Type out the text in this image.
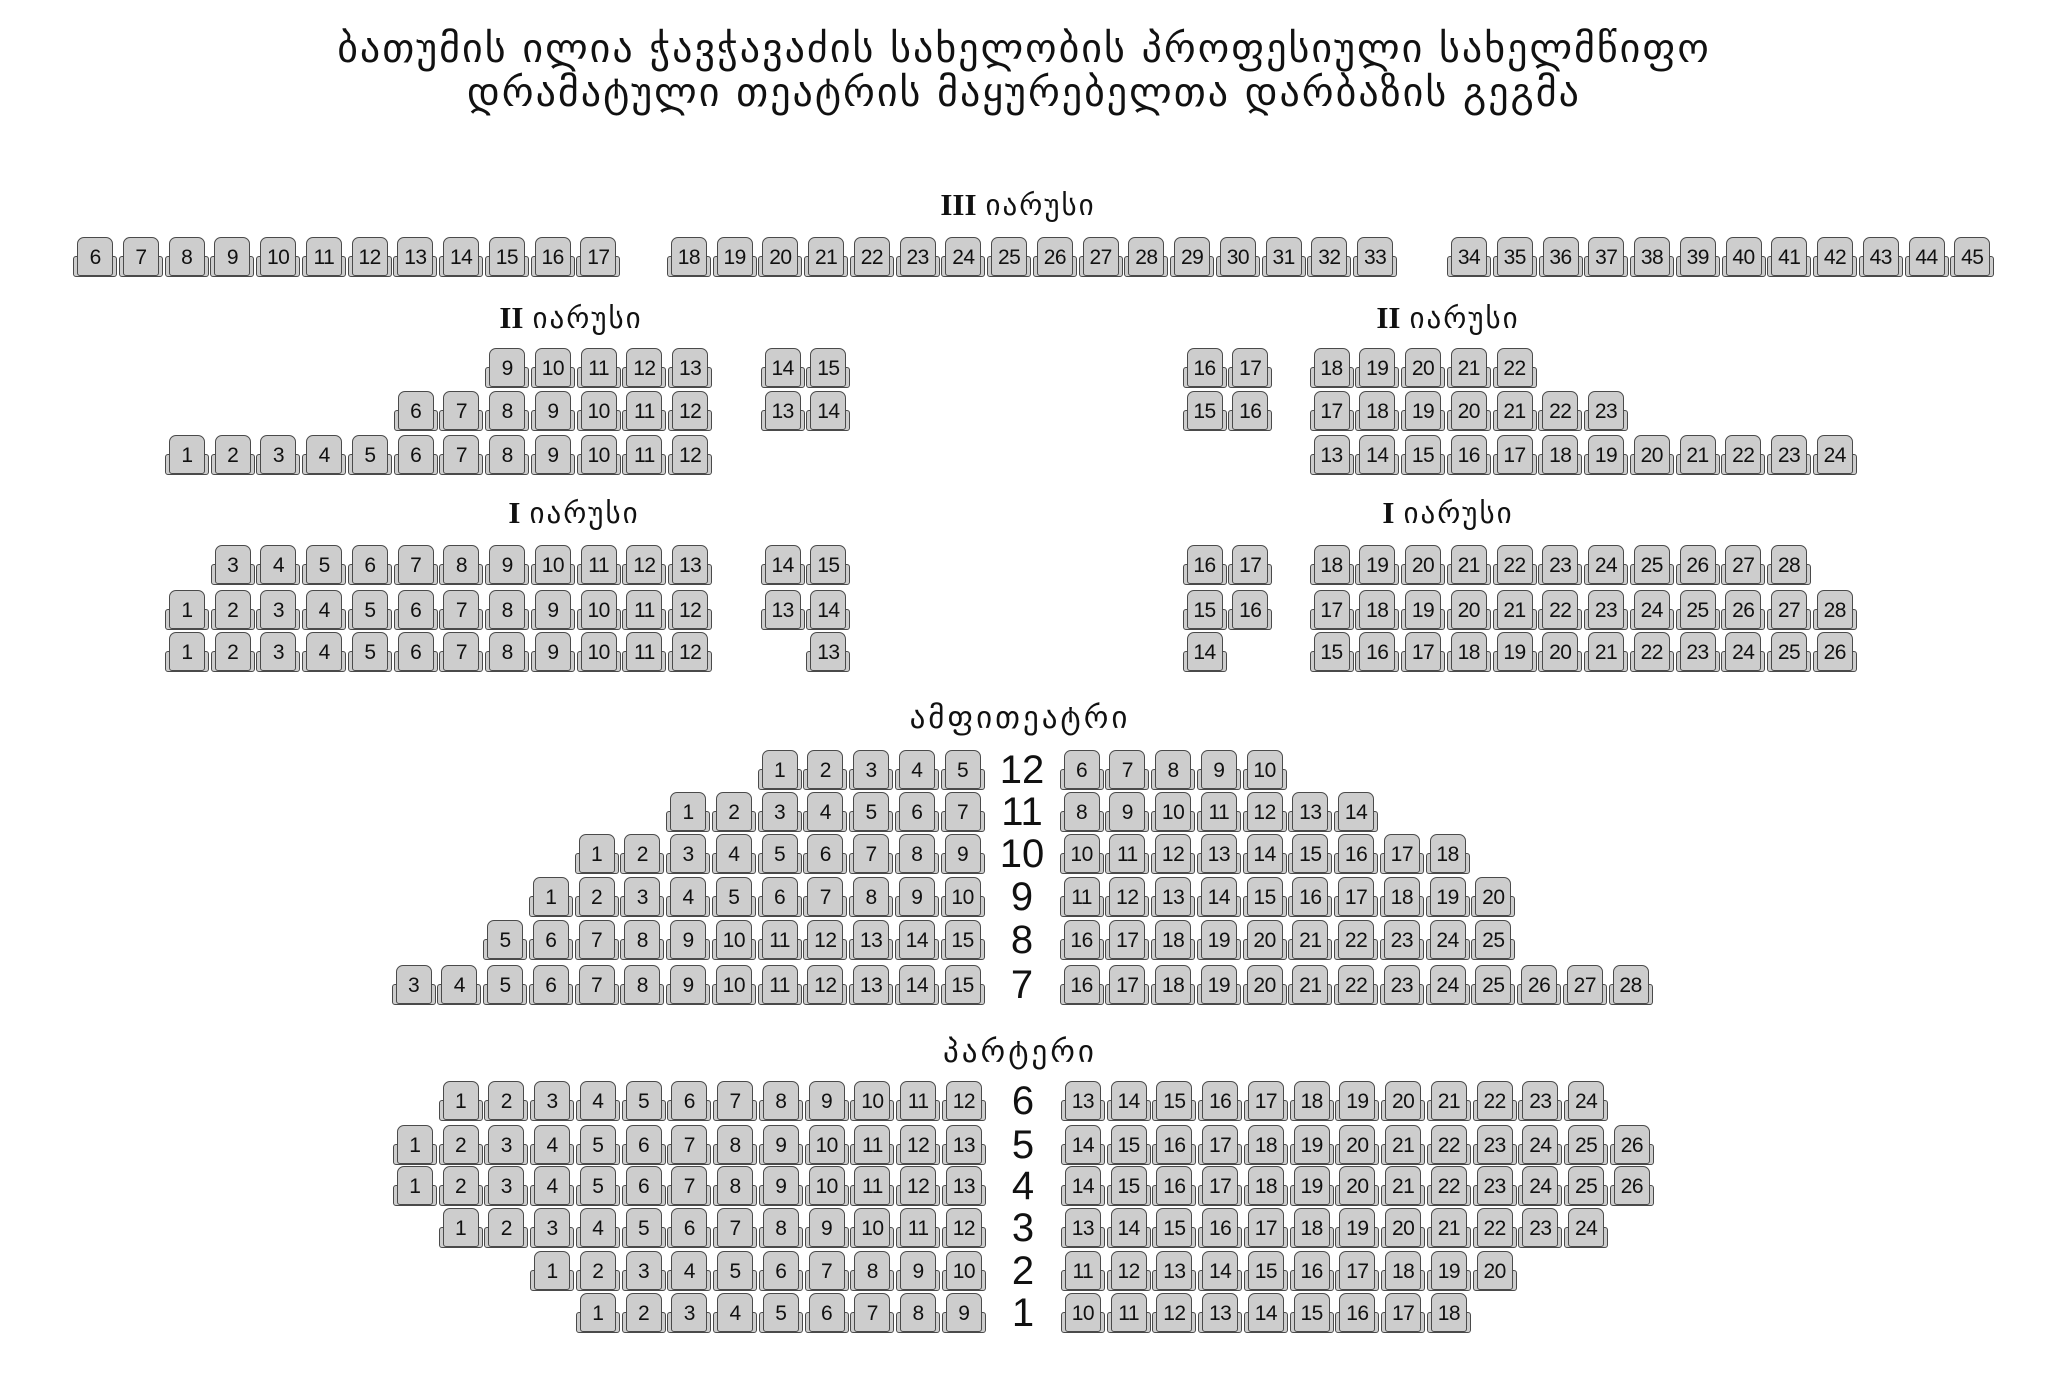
ბათუმის ილია ჭავჭავაძის სახელობის პროფესიული სახელმწიფო
დრამატული თეატრის მაყურებელთა დარბაზის გეგმა
III იარუსი
6	7	8	9	10	11	12	13	14	15	16	17	18	19	20	21	22	23	24	25	26	27	28	29	30	31	32	33	34	35	36	37	38	39	40	41	42	43	44	45
II იარუსი	II იარუსი
9	10	11	12	13	14	15
6	7	8	9	10	11	12	13	14
1	2	3	4	5	6	7	8	9	10	11	12
16	17	18	19	20	21	22
15	16	17	18	19	20	21	22	23
13	14	15	16	17	18	19	20	21	22	23	24
I იარუსი	I იარუსი
3	4	5	6	7	8	9	10	11	12	13	14	15
1	2	3	4	5	6	7	8	9	10	11	12	13	14
1	2	3	4	5	6	7	8	9	10	11	12	13
16	17	18	19	20	21	22	23	24	25	26	27	28
15	16	17	18	19	20	21	22	23	24	25	26	27	28
14	15	16	17	18	19	20	21	22	23	24	25	26
ამფითეატრი
1	2	3	4	5	6	7	8	9	10
12
1	2	3	4	5	6	7	8	9	10	11	12	13	14
11
1	2	3	4	5	6	7	8	9	10	11	12	13	14	15	16	17	18
10
1	2	3	4	5	6	7	8	9	10	11	12	13	14	15	16	17	18	19	20
9
5	6	7	8	9	10	11	12	13	14	15	16	17	18	19	20	21	22	23	24	25
8
3	4	5	6	7	8	9	10	11	12	13	14	15	16	17	18	19	20	21	22	23	24	25	26	27	28
7
პარტერი
1	2	3	4	5	6	7	8	9	10	11	12	13	14	15	16	17	18	19	20	21	22	23	24
6
1	2	3	4	5	6	7	8	9	10	11	12	13	14	15	16	17	18	19	20	21	22	23	24	25	26
5
1	2	3	4	5	6	7	8	9	10	11	12	13	14	15	16	17	18	19	20	21	22	23	24	25	26
4
1	2	3	4	5	6	7	8	9	10	11	12	13	14	15	16	17	18	19	20	21	22	23	24
3
1	2	3	4	5	6	7	8	9	10	11	12	13	14	15	16	17	18	19	20
2
1	2	3	4	5	6	7	8	9	10	11	12	13	14	15	16	17	18
1
